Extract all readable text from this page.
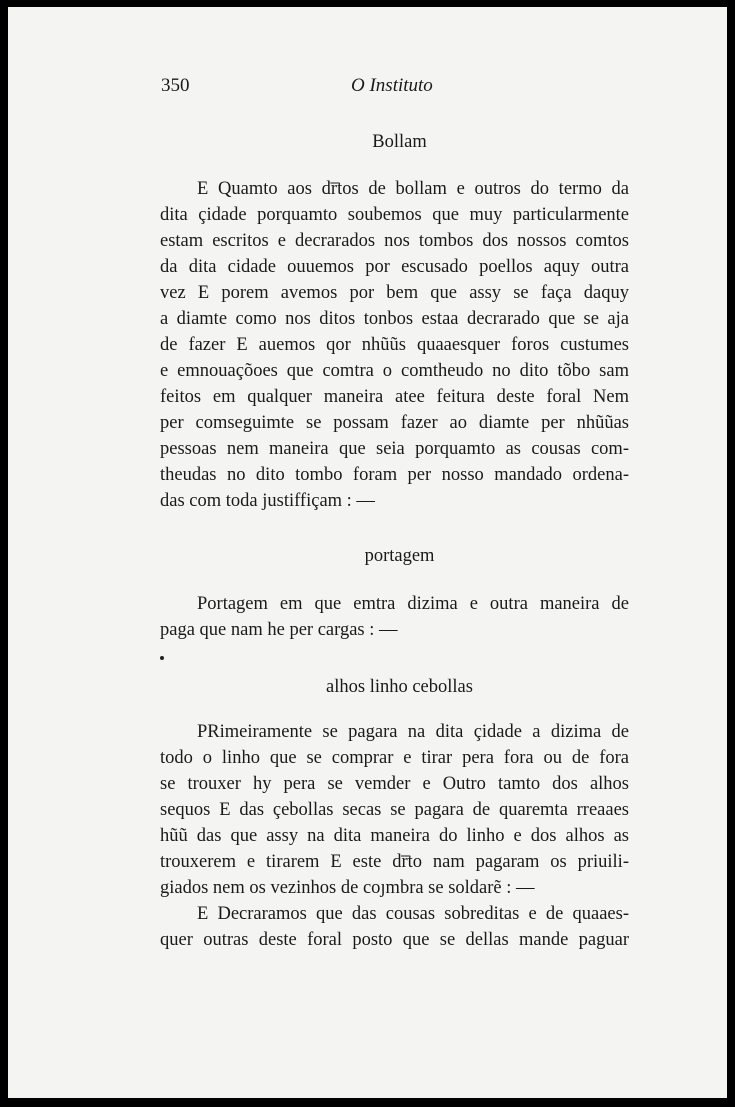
350	O Instituto
Bollam
E Quamto aos dr̅tos de bollam e outros do termo da
dita çidade porquamto soubemos que muy particularmente
estam escritos e decrarados nos tombos dos nossos comtos
da dita cidade ouuemos por escusado poellos aquy outra
vez E porem avemos por bem que assy se faça daquy
a diamte como nos ditos tonbos estaa decrarado que se aja
de fazer E auemos qor nhũũs quaaesquer foros custumes
e emnouaçõoes que comtra o comtheudo no dito tõbo sam
feitos em qualquer maneira atee feitura deste foral Nem
per comseguimte se possam fazer ao diamte per nhũũas
pessoas nem maneira que seia porquamto as cousas com-
theudas no dito tombo foram per nosso mandado ordena-
das com toda justiffiçam : —
portagem
Portagem em que emtra dizima e outra maneira de
paga que nam he per cargas : —
alhos linho cebollas
PRimeiramente se pagara na dita çidade a dizima de
todo o linho que se comprar e tirar pera fora ou de fora
se trouxer hy pera se vemder e Outro tamto dos alhos
sequos E das çebollas secas se pagara de quaremta rreaaes
hũũ das que assy na dita maneira do linho e dos alhos as
trouxerem e tirarem E este dr̅to nam pagaram os priuili-
giados nem os vezinhos de coȷmbra se soldarẽ : —
E Decraramos que das cousas sobreditas e de quaaes-
quer outras deste foral posto que se dellas mande paguar
